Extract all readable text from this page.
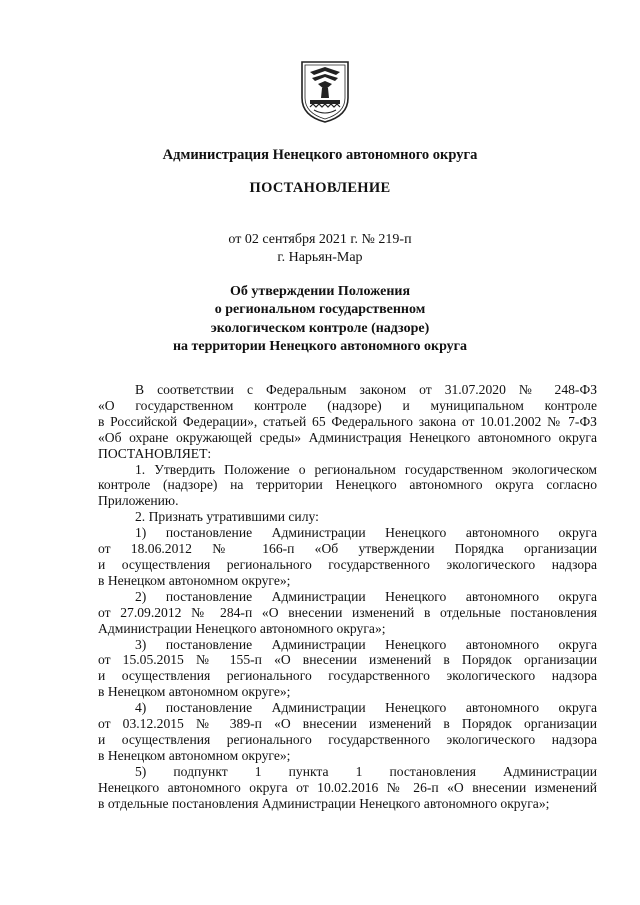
Администрация Ненецкого автономного округа
ПОСТАНОВЛЕНИЕ
от 02 сентября 2021 г. № 219-п
г. Нарьян-Мар
Об утверждении Положения
о региональном государственном
экологическом контроле (надзоре)
на территории Ненецкого автономного округа

В соответствии с Федеральным законом от 31.07.2020 № 248-ФЗ

«О государственном контроле (надзоре) и муниципальном контроле

в Российской Федерации», статьей 65 Федерального закона от 10.01.2002 № 7-ФЗ

«Об охране окружающей среды» Администрация Ненецкого автономного округа

ПОСТАНОВЛЯЕТ:

1. Утвердить Положение о региональном государственном экологическом

контроле (надзоре) на территории Ненецкого автономного округа согласно

Приложению.

2. Признать утратившими силу:

1) постановление Администрации Ненецкого автономного округа

от 18.06.2012 № 166-п «Об утверждении Порядка организации

и осуществления регионального государственного экологического надзора

в Ненецком автономном округе»;

2) постановление Администрации Ненецкого автономного округа

от 27.09.2012 № 284-п «О внесении изменений в отдельные постановления

Администрации Ненецкого автономного округа»;

3) постановление Администрации Ненецкого автономного округа

от 15.05.2015 № 155-п «О внесении изменений в Порядок организации

и осуществления регионального государственного экологического надзора

в Ненецком автономном округе»;

4) постановление Администрации Ненецкого автономного округа

от 03.12.2015 № 389-п «О внесении изменений в Порядок организации

и осуществления регионального государственного экологического надзора

в Ненецком автономном округе»;

5) подпункт 1 пункта 1 постановления Администрации

Ненецкого автономного округа от 10.02.2016 № 26-п «О внесении изменений

в отдельные постановления Администрации Ненецкого автономного округа»;
